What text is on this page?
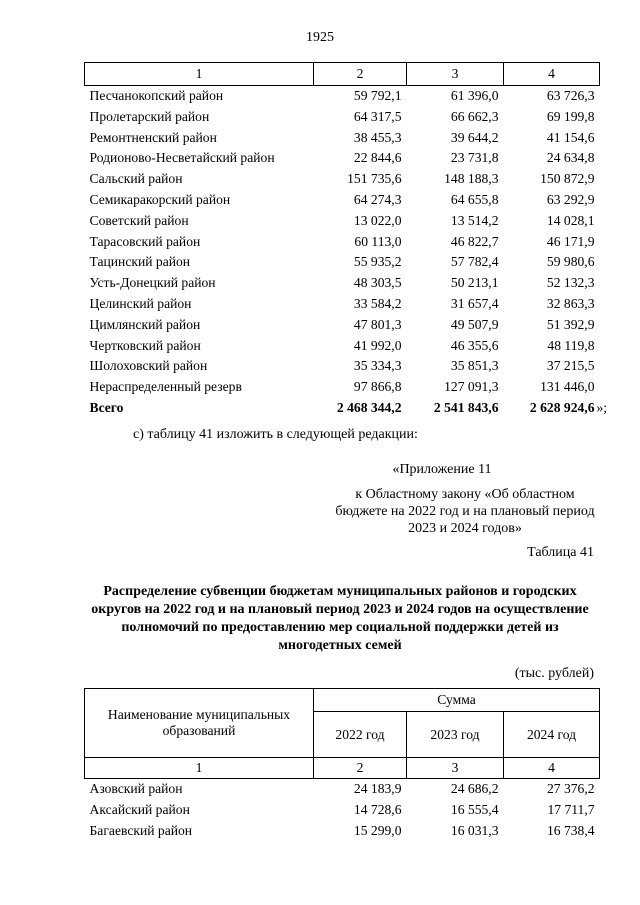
1925
1	2	3	4
Песчанокопский район	59 792,1	61 396,0	63 726,3
Пролетарский район	64 317,5	66 662,3	69 199,8
Ремонтненский район	38 455,3	39 644,2	41 154,6
Родионово-Несветайский район	22 844,6	23 731,8	24 634,8
Сальский район	151 735,6	148 188,3	150 872,9
Семикаракорский район	64 274,3	64 655,8	63 292,9
Советский район	13 022,0	13 514,2	14 028,1
Тарасовский район	60 113,0	46 822,7	46 171,9
Тацинский район	55 935,2	57 782,4	59 980,6
Усть-Донецкий район	48 303,5	50 213,1	52 132,3
Целинский район	33 584,2	31 657,4	32 863,3
Цимлянский район	47 801,3	49 507,9	51 392,9
Чертковский район	41 992,0	46 355,6	48 119,8
Шолоховский район	35 334,3	35 851,3	37 215,5
Нераспределенный резерв	97 866,8	127 091,3	131 446,0
Всего	2 468 344,2	2 541 843,6	2 628 924,6 »;
с) таблицу 41 изложить в следующей редакции:
«Приложение 11
к Областному закону «Об областном бюджете на 2022 год и на плановый период 2023 и 2024 годов»
Таблица 41
Распределение субвенции бюджетам муниципальных районов и городских округов на 2022 год и на плановый период 2023 и 2024 годов на осуществление полномочий по предоставлению мер социальной поддержки детей из многодетных семей
(тыс. рублей)
Наименование муниципальных образований	Сумма		
	2022 год	2023 год	2024 год
1	2	3	4
Азовский район	24 183,9	24 686,2	27 376,2
Аксайский район	14 728,6	16 555,4	17 711,7
Багаевский район	15 299,0	16 031,3	16 738,4
